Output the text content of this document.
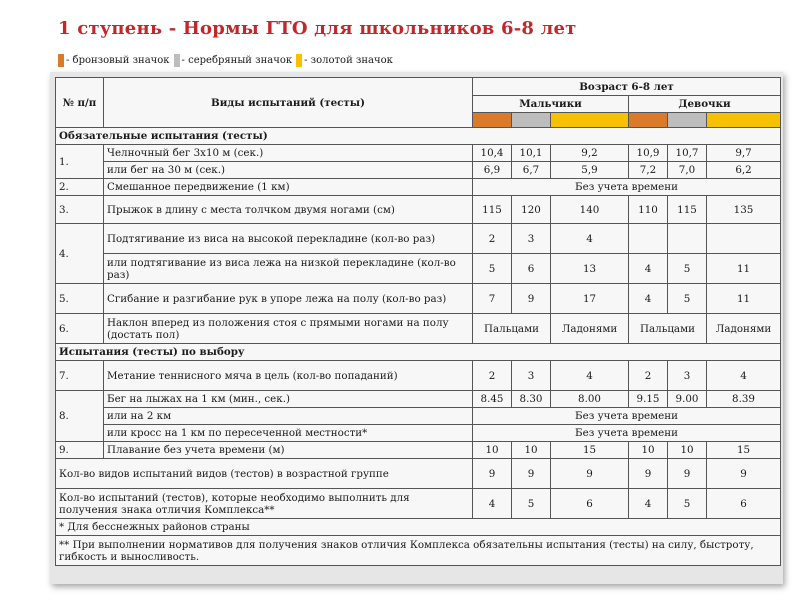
1 ступень - Нормы ГТО для школьников 6-8 лет
- бронзовый значок - серебряный значок - золотой значок
№ п/п	Виды испытаний (тесты)	Возраст 6-8 лет					
		Мальчики			Девочки		

Обязательные испытания (тесты)							
1.	Челночный бег 3х10 м (сек.)	10,4	10,1	9,2	10,9	10,7	9,7
	или бег на 30 м (сек.)	6,9	6,7	5,9	7,2	7,0	6,2
2.	Смешанное передвижение (1 км)	Без учета времени					
3.	Прыжок в длину с места толчком двумя ногами (см)	115	120	140	110	115	135
4.	Подтягивание из виса на высокой перекладине (кол-во раз)	2	3	4			
	или подтягивание из виса лежа на низкой перекладине (кол-во раз)	5	6	13	4	5	11
5.	Сгибание и разгибание рук в упоре лежа на полу (кол-во раз)	7	9	17	4	5	11
6.	Наклон вперед из положения стоя с прямыми ногами на полу (достать пол)	Пальцами		Ладонями	Пальцами		Ладонями
Испытания (тесты) по выбору							
7.	Метание теннисного мяча в цель (кол-во попаданий)	2	3	4	2	3	4
8.	Бег на лыжах на 1 км (мин., сек.)	8.45	8.30	8.00	9.15	9.00	8.39
	или на 2 км	Без учета времени					
	или кросс на 1 км по пересеченной местности*	Без учета времени					
9.	Плавание без учета времени (м)	10	10	15	10	10	15
Кол-во видов испытаний видов (тестов) в возрастной группе		9	9	9	9	9	9
Кол-во испытаний (тестов), которые необходимо выполнить для получения знака отличия Комплекса**		4	5	6	4	5	6
* Для бесснежных районов страны							
** При выполнении нормативов для получения знаков отличия Комплекса обязательны испытания (тесты) на силу, быстроту, гибкость и выносливость.							
